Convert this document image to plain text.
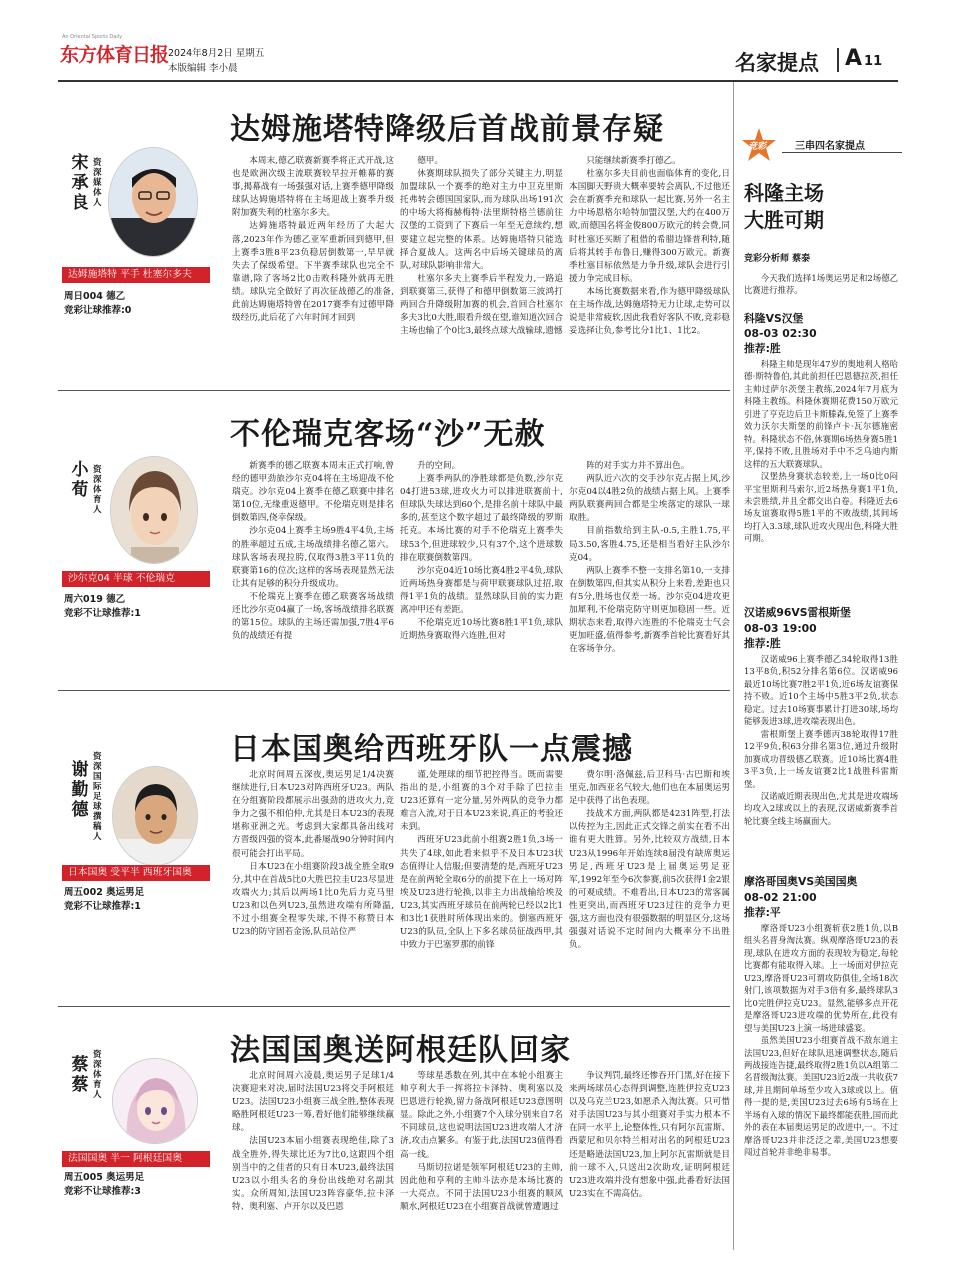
An Oriental Sports Daily
东方体育日报 2024年8月2日 星期五
本版编辑 李小晨	名家提点 A 11
达姆施塔特降级后首战前景存疑
宋承良
资深媒体人
达姆施塔特 平手 杜塞尔多夫
周日004 德乙
竞彩让球推荐:0

本周末,德乙联赛新赛季将正式开战,这也是欧洲次级主流联赛较早拉开帷幕的赛事,揭幕战有一场强强对话,上赛季德甲降级球队达姆施塔特将在主场迎战上赛季升级附加赛失利的杜塞尔多夫。

达姆施塔特最近两年经历了大起大落,2023年作为德乙亚军重新回到德甲,但上赛季3胜8平23负稳居倒数第一,早早就失去了保级希望。下半赛季球队也完全不靠谱,除了客场2比0击败科隆外就再无胜绩。球队完全做好了再次征战德乙的准备,此前达姆施塔特曾在2017赛季有过德甲降级经历,此后花了六年时间才回到

德甲。

休赛期球队损失了部分关键主力,明显加盟球队一个赛季的绝对主力中卫克里斯托弗转会德国国家队,而为球队出场191次的中场大将梅赫梅特·法里斯特格兰德前往汉堡的工资到了下赛后一年至无意续约,想要建立起完整的体系。达姆施塔特只能选择合夏战人。这两名中后场关键球员的离队,对球队影响非常大。

杜塞尔多夫上赛季后半程发力,一路追到联赛第三,获得了和德甲倒数第三波鸿打两回合升降级附加赛的机会,首回合杜塞尔多夫3比0大胜,眼看升级在望,谁知道次回合主场也输了个0比3,最终点球大战输球,遗憾

只能继续新赛季打德乙。

杜塞尔多夫目前也面临体育的变化,日本国脚天野贵大概率要转会离队,不过他还会在新赛季充和球队一起比赛,另外一名主力中场恩格尔哈特加盟汉堡,大约在400万欧,而德国名将金俊800万欧元的转会费,同时杜塞还买断了租借的希腊边锋普利特,随后将其转手布鲁日,赚得300万欧元。新赛季杜塞目标依然是力争升级,球队会进行引援力争完成目标。

本场比赛数据来看,作为德甲降级球队在主场作战,达姆施塔特无力让球,走势可以说是非常疲软,因此我看好客队不败,竞彩稳妥选择让负,参考比分1比1、1比2。

不伦瑞克客场“沙”无赦
小荀
资深体育人
沙尔克04 半球 不伦瑞克
周六019 德乙
竞彩不让球推荐:1

新赛季的德乙联赛本周末正式打响,曾经的德甲劲旅沙尔克04将在主场迎战不伦瑞克。沙尔克04上赛季在德乙联赛中排名第10位,无缘重返德甲。不伦瑞克则是排名倒数第四,侥幸保级。

沙尔克04上赛季主场9胜4平4负,主场的胜率超过五成,主场战绩排名德乙第六。球队客场表现拉胯,仅取得3胜3平11负的联赛第16的位次;这样的客场表现显然无法让其有足够的积分升级成功。

不伦瑞克上赛季在德乙联赛客场战绩还比沙尔克04赢了一场,客场战绩排名联赛的第15位。球队的主场还需加强,7胜4平6负的战绩还有提

升的空间。

上赛季两队的净胜球都是负数,沙尔克04打进53球,进攻火力可以排进联赛前十,但球队失球达到60个,是排名前十球队中最多的,甚至这个数字超过了最终降级的罗斯托克。本场比赛的对手不伦瑞克上赛季失球53个,但进球较少,只有37个,这个进球数排在联赛倒数第四。

沙尔克04近10场比赛4胜2平4负,球队近两场热身赛都是与荷甲联赛球队过招,取得1平1负的战绩。显然球队目前的实力距离冲甲还有差距。

不伦瑞克近10场比赛8胜1平1负,球队近期热身赛取得六连胜,但对

阵的对手实力并不算出色。

两队近六次的交手沙尔克占据上风,沙尔克04以4胜2负的战绩占据上风。上赛季两队联赛两回合都是尘埃落定的球队一球取胜。

目前指数给到主队-0.5,主胜1.75,平局3.50,客胜4.75,还是相当看好主队沙尔克04。

两队上赛季不整一支排名第10,一支排在倒数第四,但其实从积分上来看,差距也只有5分,胜场也仅差一场。沙尔克04进攻更加犀利,不伦瑞克防守则更加稳固一些。近期状态来看,取得六连胜的不伦瑞克士气会更加旺盛,值得参考,新赛季首轮比赛看好其在客场争分。

日本国奥给西班牙队一点震撼
谢勤德
资深国际足球撰稿人
日本国奥 受平半 西班牙国奥
周五002 奥运男足
竞彩不让球推荐:1

北京时间周五深夜,奥运男足1/4决赛继续进行,日本U23对阵西班牙U23。两队在分组赛阶段都展示出强劲的进攻火力,竞争力之强不相伯仲,尤其是日本U23的表现堪称亚洲之光。考虑到大家都具备出线对方晋级四强的资本,此番屡战90分钟时间内很可能会打出平局。

日本U23在小组赛阶段3战全胜全取9分,其中在首战5比0大胜巴拉圭U23尽显进攻端火力;其后以两场1比0先后力克马里U23和以色列U23,虽然进攻端有所降温,不过小组赛全程零失球,不得不称赞日本U23的防守固若金汤,队员站位严

谨,处理球的细节把控得当。既而需要指出的是,小组赛的3个对手除了巴拉圭U23还算有一定分量,另外两队的竞争力都难言入流,对于日本U23来说,真正的考验还未到。

西班牙U23此前小组赛2胜1负,3场一共失了4球,如此看来似乎不及日本U23状态值得让人信服;但要清楚的是,西班牙U23是在前两轮全取6分的前提下在上一场对阵埃及U23进行轮换,以非主力出战输给埃及U23,其实西班牙球员在前两轮已经以2比1和3比1获胜时所体现出来的。倒塞西班牙U23的队员,全队上下多名球员征战西甲,其中致力于巴塞罗那的前锋

费尔明·洛佩兹,后卫科马·古巴斯和埃里克,加西亚名气较大,他们也在本届奥运男足中获得了出色表现。

技战术方面,两队都是4231阵型,打法以传控为主,因此正式交锋之前实在看不出谁有更大胜算。另外,比较双方战绩,日本U23从1996年开始连续8届没有缺席奥运男足,西班牙U23是上届奥运男足亚军,1992年至今6次参赛,前5次获得1金2银的可观成绩。不难看出,日本U23的常客属性更突出,而西班牙U23过往的竞争力更强,这方面也没有很强数据的明显区分,这场强强对话说不定时间内大概率分不出胜负。

法国国奥送阿根廷队回家
蔡蔡
资深体育人
法国国奥 半一 阿根廷国奥
周五005 奥运男足
竞彩不让球推荐:3

北京时间周六凌晨,奥运男子足球1/4决赛迎来对决,届时法国U23将交手阿根廷U23。法国U23小组赛三战全胜,整体表现略胜阿根廷U23一筹,看好他们能够继续赢球。

法国U23本届小组赛表现绝佳,除了3战全胜外,得失球比还为7比0,这跟四个组别当中的之佳者的只有日本U23,最终法国U23以小组头名的身份出线绝对名副其实。众所周知,法国U23阵容豪华,拉卡泽特、奥利塞、卢开尔以及巴恩

等球星悉数在列,其中在本轮小组赛主帅亨利大手一挥将拉卡泽特、奥利塞以及巴恩进行轮换,留力备战阿根廷U23意图明显。除此之外,小组赛7个入球分别来自7名不同球员,这也说明法国U23进攻端人才济济,攻击点繁多。有鉴于此,法国U23值得看高一线。

马斯切拉诺是领军阿根廷U23的主帅,因此他和亨利的主帅斗法亦是本场比赛的一大亮点。不同于法国U23小组赛的顺风顺水,阿根廷U23在小组赛首战就曾遭遇过

争议判罚,最终还惨吞开门黑,好在接下来两场球员心态得到调整,连胜伊拉克U23以及乌克兰U23,如愿杀入淘汰赛。只可惜对手法国U23与其小组赛对手实力根本不在同一水平上,论整体性,只有阿尔瓦雷斯、西蒙尼和贝尔特兰相对出名的阿根廷U23还是略逊法国U23,加上阿尔瓦雷斯就是目前一球不入,只送出2次助攻,证明阿根廷U23进攻端并没有想象中强,此番看好法国U23实在不需高估。

竞彩	三串四名家提点
科隆主场
大胜可期
竞彩分析师 蔡泰
今天我们选择1场奥运男足和2场德乙比赛进行推荐。
科隆VS汉堡
08-03 02:30
推荐:胜

科隆主帅是现年47岁的奥地利人格哈德·斯特鲁伯,其此前担任巴恩德拉茨,担任主帅过萨尔茨堡主教练,2024年7月底为科隆主教练。科隆休赛期花费150万欧元引进了亨克边后卫卡斯滕森,免签了上赛季效力沃尔夫斯堡的前锋卢卡·瓦尔德施密特。科隆状态不俗,休赛期6场热身赛5胜1平,保持不败,且胜场对手中不乏乌迪内斯这样的五大联赛球队。

汉堡热身赛状态较差,上一场0比0闷平宝里斯利马索尔,近2场热身赛1平1负,未尝胜绩,并且全都交出白卷。科隆近去6场友谊赛取得5胜1平的不败战绩,其间场均打入3.3球,球队近攻火现出色,科隆大胜可期。

汉诺威96VS雷根斯堡
08-03 19:00
推荐:胜

汉诺威96上赛季德乙34轮取得13胜13平8负,积52分排名第6位。汉诺威96最近10场比赛7胜2平1负,近6场友谊赛保持不败。近10个主场中5胜3平2负,状态稳定。过去10场赛事累计打进30球,场均能够轰进3球,进攻端表现出色。

雷根斯堡上赛季德丙38轮取得17胜12平9负,积63分排名第3位,通过升级附加赛成功晋级德乙联赛。近10场比赛4胜3平3负,上一场友谊赛2比1战胜科雷斯堡。

汉诺威近期表现出色,尤其是进攻端场均攻入2球或以上的表现,汉诺威新赛季首轮比赛全线主场赢面大。

摩洛哥国奥VS美国国奥
08-02 21:00
推荐:平

摩洛哥U23小组赛斩获2胜1负,以B组头名晋身淘汰赛。纵观摩洛哥U23的表现,球队在进攻方面的表现较为稳定,每轮比赛都有能取得入球。上一场面对伊拉克U23,摩洛哥U23可谓攻防俱佳,全场18次射门,该项数据为对手3倍有多,最终球队3比0完胜伊拉克U23。显然,能够多点开花是摩洛哥U23进攻端的优势所在,此役有望与美国U23上演一场进球盛宴。

虽然美国U23小组赛首战不敌东道主法国U23,但好在球队迅速调整状态,随后两战接连告捷,最终取得2胜1负以A组第二名晋级淘汰赛。美国U23近2战一共收获7球,并且期间单场至少攻入3球或以上。值得一提的是,美国U23过去6场有5场在上半场有入球的情况下最终都能获胜,国而此外的表在本届奥运男足的改进中,一。不过摩洛哥U23并非泛泛之辈,美国U23想要闯过首轮并非绝非易事。
